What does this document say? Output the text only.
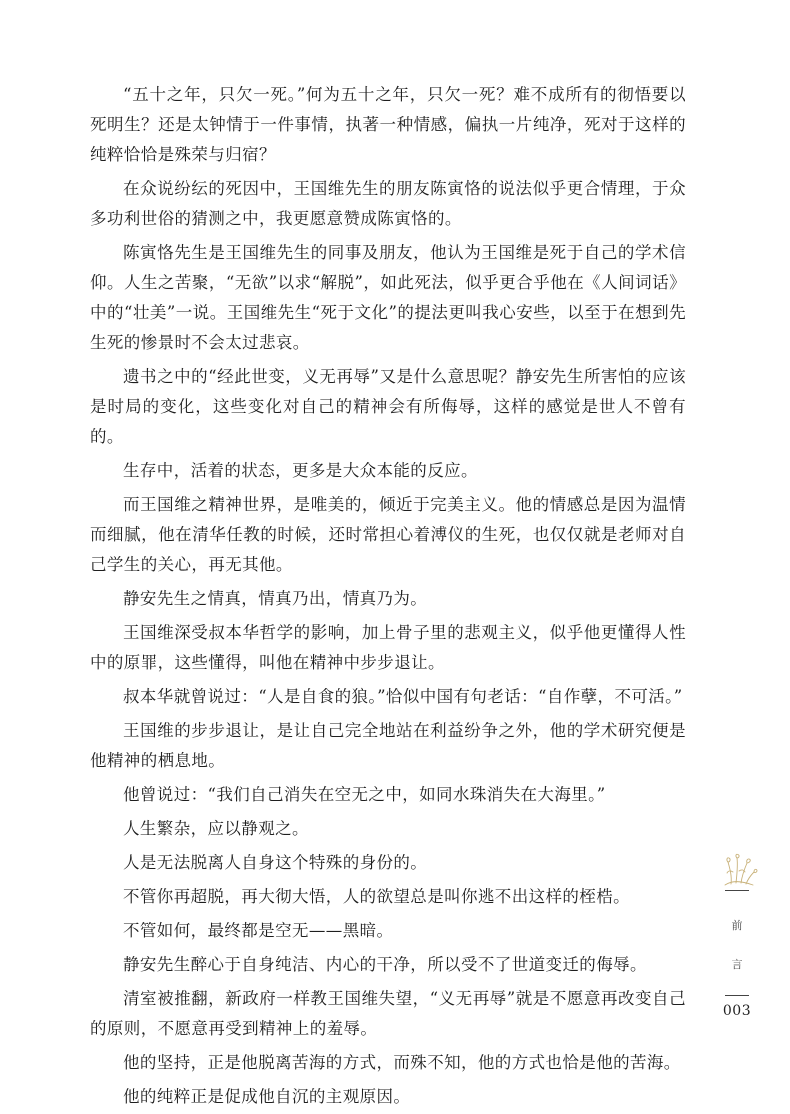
“五十之年，只欠一死。”何为五十之年，只欠一死？难不成所有的彻悟要以死明生？还是太钟情于一件事情，执著一种情感，偏执一片纯净，死对于这样的纯粹恰恰是殊荣与归宿？

在众说纷纭的死因中，王国维先生的朋友陈寅恪的说法似乎更合情理，于众多功利世俗的猜测之中，我更愿意赞成陈寅恪的。

陈寅恪先生是王国维先生的同事及朋友，他认为王国维是死于自己的学术信仰。人生之苦聚，“无欲”以求“解脱”，如此死法，似乎更合乎他在《人间词话》中的“壮美”一说。王国维先生“死于文化”的提法更叫我心安些，以至于在想到先生死的惨景时不会太过悲哀。

遗书之中的“经此世变，义无再辱”又是什么意思呢？静安先生所害怕的应该是时局的变化，这些变化对自己的精神会有所侮辱，这样的感觉是世人不曾有的。

生存中，活着的状态，更多是大众本能的反应。

而王国维之精神世界，是唯美的，倾近于完美主义。他的情感总是因为温情而细腻，他在清华任教的时候，还时常担心着溥仪的生死，也仅仅就是老师对自己学生的关心，再无其他。

静安先生之情真，情真乃出，情真乃为。

王国维深受叔本华哲学的影响，加上骨子里的悲观主义，似乎他更懂得人性中的原罪，这些懂得，叫他在精神中步步退让。

叔本华就曾说过：“人是自食的狼。”恰似中国有句老话：“自作孽，不可活。”

王国维的步步退让，是让自己完全地站在利益纷争之外，他的学术研究便是他精神的栖息地。

他曾说过：“我们自己消失在空无之中，如同水珠消失在大海里。”

人生繁杂，应以静观之。

人是无法脱离人自身这个特殊的身份的。

不管你再超脱，再大彻大悟，人的欲望总是叫你逃不出这样的桎梏。

不管如何，最终都是空无——黑暗。

静安先生醉心于自身纯洁、内心的干净，所以受不了世道变迁的侮辱。

清室被推翻，新政府一样教王国维失望，“义无再辱”就是不愿意再改变自己的原则，不愿意再受到精神上的羞辱。

他的坚持，正是他脱离苦海的方式，而殊不知，他的方式也恰是他的苦海。

他的纯粹正是促成他自沉的主观原因。

前
言
003
